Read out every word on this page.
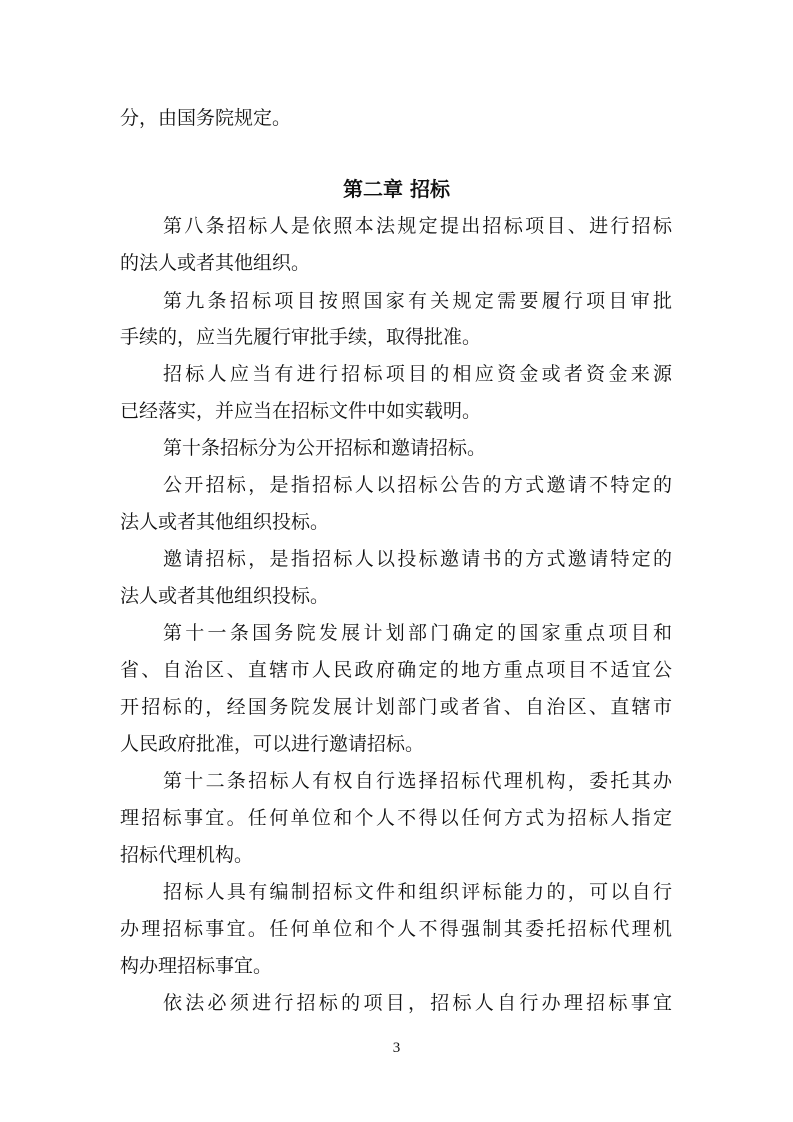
分，由国务院规定。
第二章 招标
第八条招标人是依照本法规定提出招标项目、进行招标
的法人或者其他组织。
第九条招标项目按照国家有关规定需要履行项目审批
手续的，应当先履行审批手续，取得批准。
招标人应当有进行招标项目的相应资金或者资金来源
已经落实，并应当在招标文件中如实载明。
第十条招标分为公开招标和邀请招标。
公开招标，是指招标人以招标公告的方式邀请不特定的
法人或者其他组织投标。
邀请招标，是指招标人以投标邀请书的方式邀请特定的
法人或者其他组织投标。
第十一条国务院发展计划部门确定的国家重点项目和
省、自治区、直辖市人民政府确定的地方重点项目不适宜公
开招标的，经国务院发展计划部门或者省、自治区、直辖市
人民政府批准，可以进行邀请招标。
第十二条招标人有权自行选择招标代理机构，委托其办
理招标事宜。任何单位和个人不得以任何方式为招标人指定
招标代理机构。
招标人具有编制招标文件和组织评标能力的，可以自行
办理招标事宜。任何单位和个人不得强制其委托招标代理机
构办理招标事宜。
依法必须进行招标的项目，招标人自行办理招标事宜
3
